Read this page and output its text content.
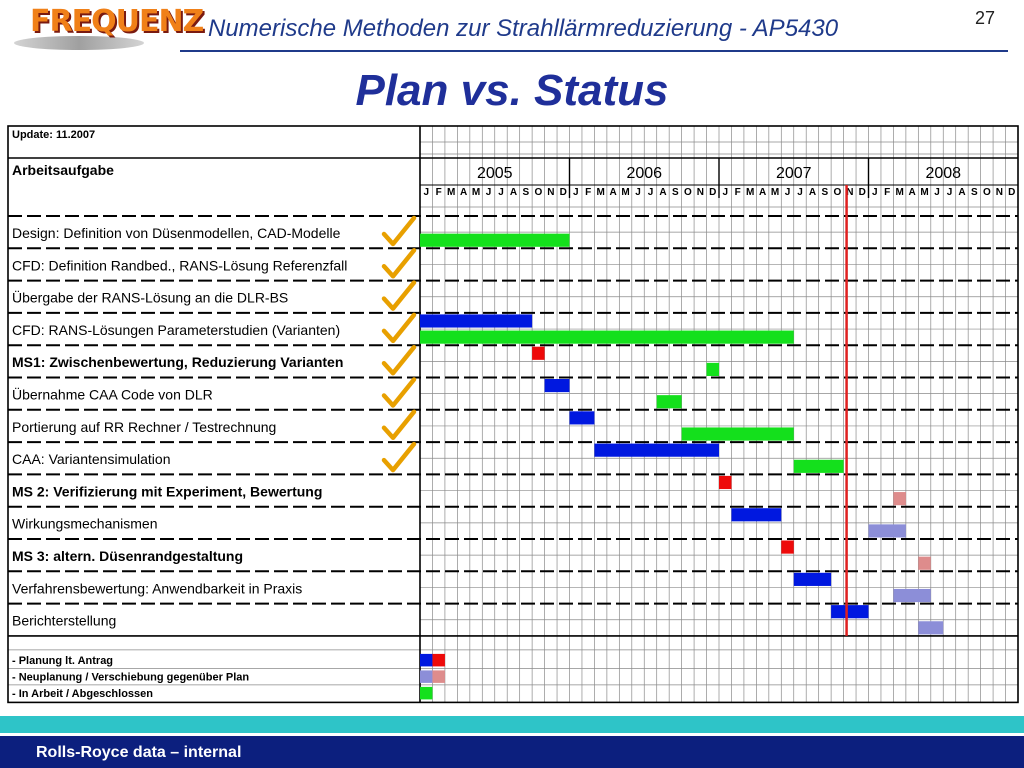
FREQUENZ Numerische Methoden zur Strahllärmreduzierung - AP5430	27
Plan vs. Status
Update: 11.2007
Arbeitsaufgabe	2005	2006	2007	2008
J F M A M J J A S O N D J F M A M J J A S O N D J F M A M J J A S O N D J F M A M J J A S O N D
Design: Definition von Düsenmodellen, CAD-Modelle
CFD: Definition Randbed., RANS-Lösung Referenzfall
Übergabe der RANS-Lösung an die DLR-BS
CFD: RANS-Lösungen Parameterstudien (Varianten)
MS1: Zwischenbewertung, Reduzierung Varianten
Übernahme CAA Code von DLR
Portierung auf RR Rechner / Testrechnung
CAA: Variantensimulation
MS 2: Verifizierung mit Experiment, Bewertung
Wirkungsmechanismen
MS 3: altern. Düsenrandgestaltung
Verfahrensbewertung: Anwendbarkeit in Praxis
Berichterstellung
- Planung lt. Antrag
- Neuplanung / Verschiebung gegenüber Plan
- In Arbeit / Abgeschlossen
Rolls-Royce data – internal
